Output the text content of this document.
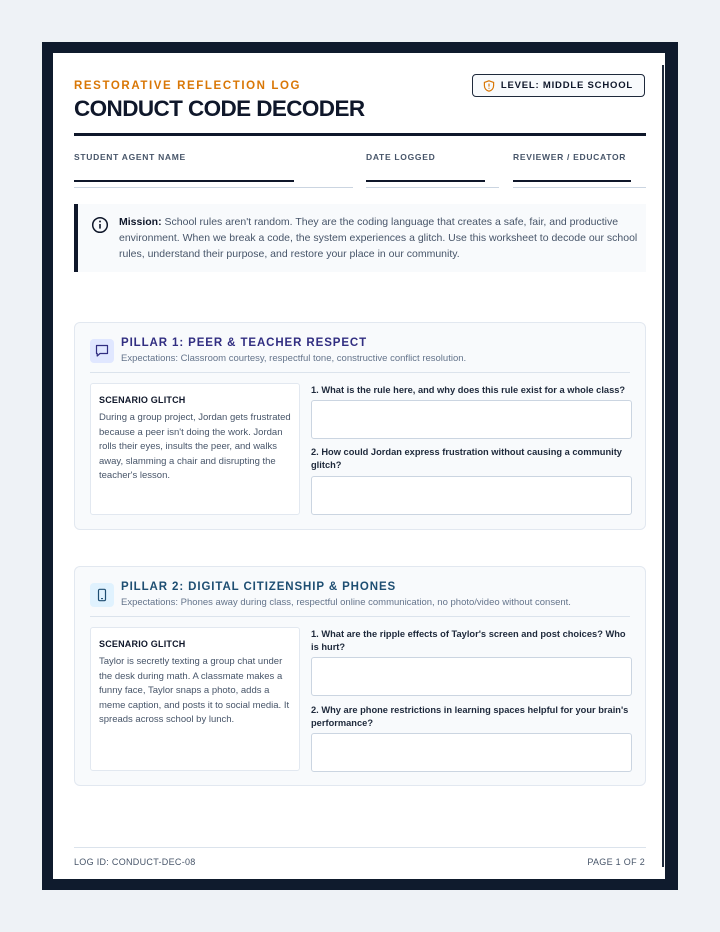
RESTORATIVE REFLECTION LOG
CONDUCT CODE DECODER
LEVEL: MIDDLE SCHOOL
STUDENT AGENT NAME	DATE LOGGED	REVIEWER / EDUCATOR
Mission: School rules aren't random. They are the coding language that creates a safe, fair, and productive environment. When we break a code, the system experiences a glitch. Use this worksheet to decode our school rules, understand their purpose, and restore your place in our community.
PILLAR 1: PEER & TEACHER RESPECT
Expectations: Classroom courtesy, respectful tone, constructive conflict resolution.
SCENARIO GLITCH
During a group project, Jordan gets frustrated because a peer isn't doing the work. Jordan rolls their eyes, insults the peer, and walks away, slamming a chair and disrupting the teacher's lesson.
1. What is the rule here, and why does this rule exist for a whole class?
2. How could Jordan express frustration without causing a community glitch?
PILLAR 2: DIGITAL CITIZENSHIP & PHONES
Expectations: Phones away during class, respectful online communication, no photo/video without consent.
SCENARIO GLITCH
Taylor is secretly texting a group chat under the desk during math. A classmate makes a funny face, Taylor snaps a photo, adds a meme caption, and posts it to social media. It spreads across school by lunch.
1. What are the ripple effects of Taylor's screen and post choices? Who is hurt?
2. Why are phone restrictions in learning spaces helpful for your brain's performance?
LOG ID: CONDUCT-DEC-08	PAGE 1 OF 2
